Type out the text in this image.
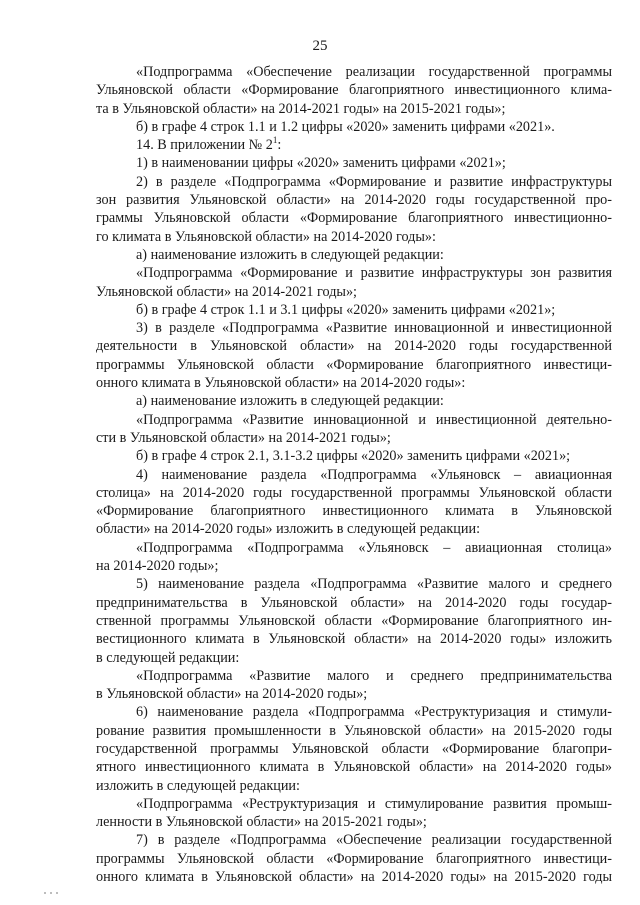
25
«Подпрограмма «Обеспечение реализации государственной программы
Ульяновской области «Формирование благоприятного инвестиционного клима-
та в Ульяновской области» на 2014-2021 годы» на 2015-2021 годы»;
б) в графе 4 строк 1.1 и 1.2 цифры «2020» заменить цифрами «2021».
14. В приложении № $2^1$:
1) в наименовании цифры «2020» заменить цифрами «2021»;
2) в разделе «Подпрограмма «Формирование и развитие инфраструктуры
зон развития Ульяновской области» на 2014-2020 годы государственной про-
граммы Ульяновской области «Формирование благоприятного инвестиционно-
го климата в Ульяновской области» на 2014-2020 годы»:
а) наименование изложить в следующей редакции:
«Подпрограмма «Формирование и развитие инфраструктуры зон развития
Ульяновской области» на 2014-2021 годы»;
б) в графе 4 строк 1.1 и 3.1 цифры «2020» заменить цифрами «2021»;
3) в разделе «Подпрограмма «Развитие инновационной и инвестиционной
деятельности в Ульяновской области» на 2014-2020 годы государственной
программы Ульяновской области «Формирование благоприятного инвестици-
онного климата в Ульяновской области» на 2014-2020 годы»:
а) наименование изложить в следующей редакции:
«Подпрограмма «Развитие инновационной и инвестиционной деятельно-
сти в Ульяновской области» на 2014-2021 годы»;
б) в графе 4 строк 2.1, 3.1-3.2 цифры «2020» заменить цифрами «2021»;
4) наименование раздела «Подпрограмма «Ульяновск – авиационная
столица» на 2014-2020 годы государственной программы Ульяновской области
«Формирование благоприятного инвестиционного климата в Ульяновской
области» на 2014-2020 годы» изложить в следующей редакции:
«Подпрограмма «Подпрограмма «Ульяновск – авиационная столица»
на 2014-2020 годы»;
5) наименование раздела «Подпрограмма «Развитие малого и среднего
предпринимательства в Ульяновской области» на 2014-2020 годы государ-
ственной программы Ульяновской области «Формирование благоприятного ин-
вестиционного климата в Ульяновской области» на 2014-2020 годы» изложить
в следующей редакции:
«Подпрограмма «Развитие малого и среднего предпринимательства
в Ульяновской области» на 2014-2020 годы»;
6) наименование раздела «Подпрограмма «Реструктуризация и стимули-
рование развития промышленности в Ульяновской области» на 2015-2020 годы
государственной программы Ульяновской области «Формирование благопри-
ятного инвестиционного климата в Ульяновской области» на 2014-2020 годы»
изложить в следующей редакции:
«Подпрограмма «Реструктуризация и стимулирование развития промыш-
ленности в Ульяновской области» на 2015-2021 годы»;
7) в разделе «Подпрограмма «Обеспечение реализации государственной
программы Ульяновской области «Формирование благоприятного инвестици-
онного климата в Ульяновской области» на 2014-2020 годы» на 2015-2020 годы
